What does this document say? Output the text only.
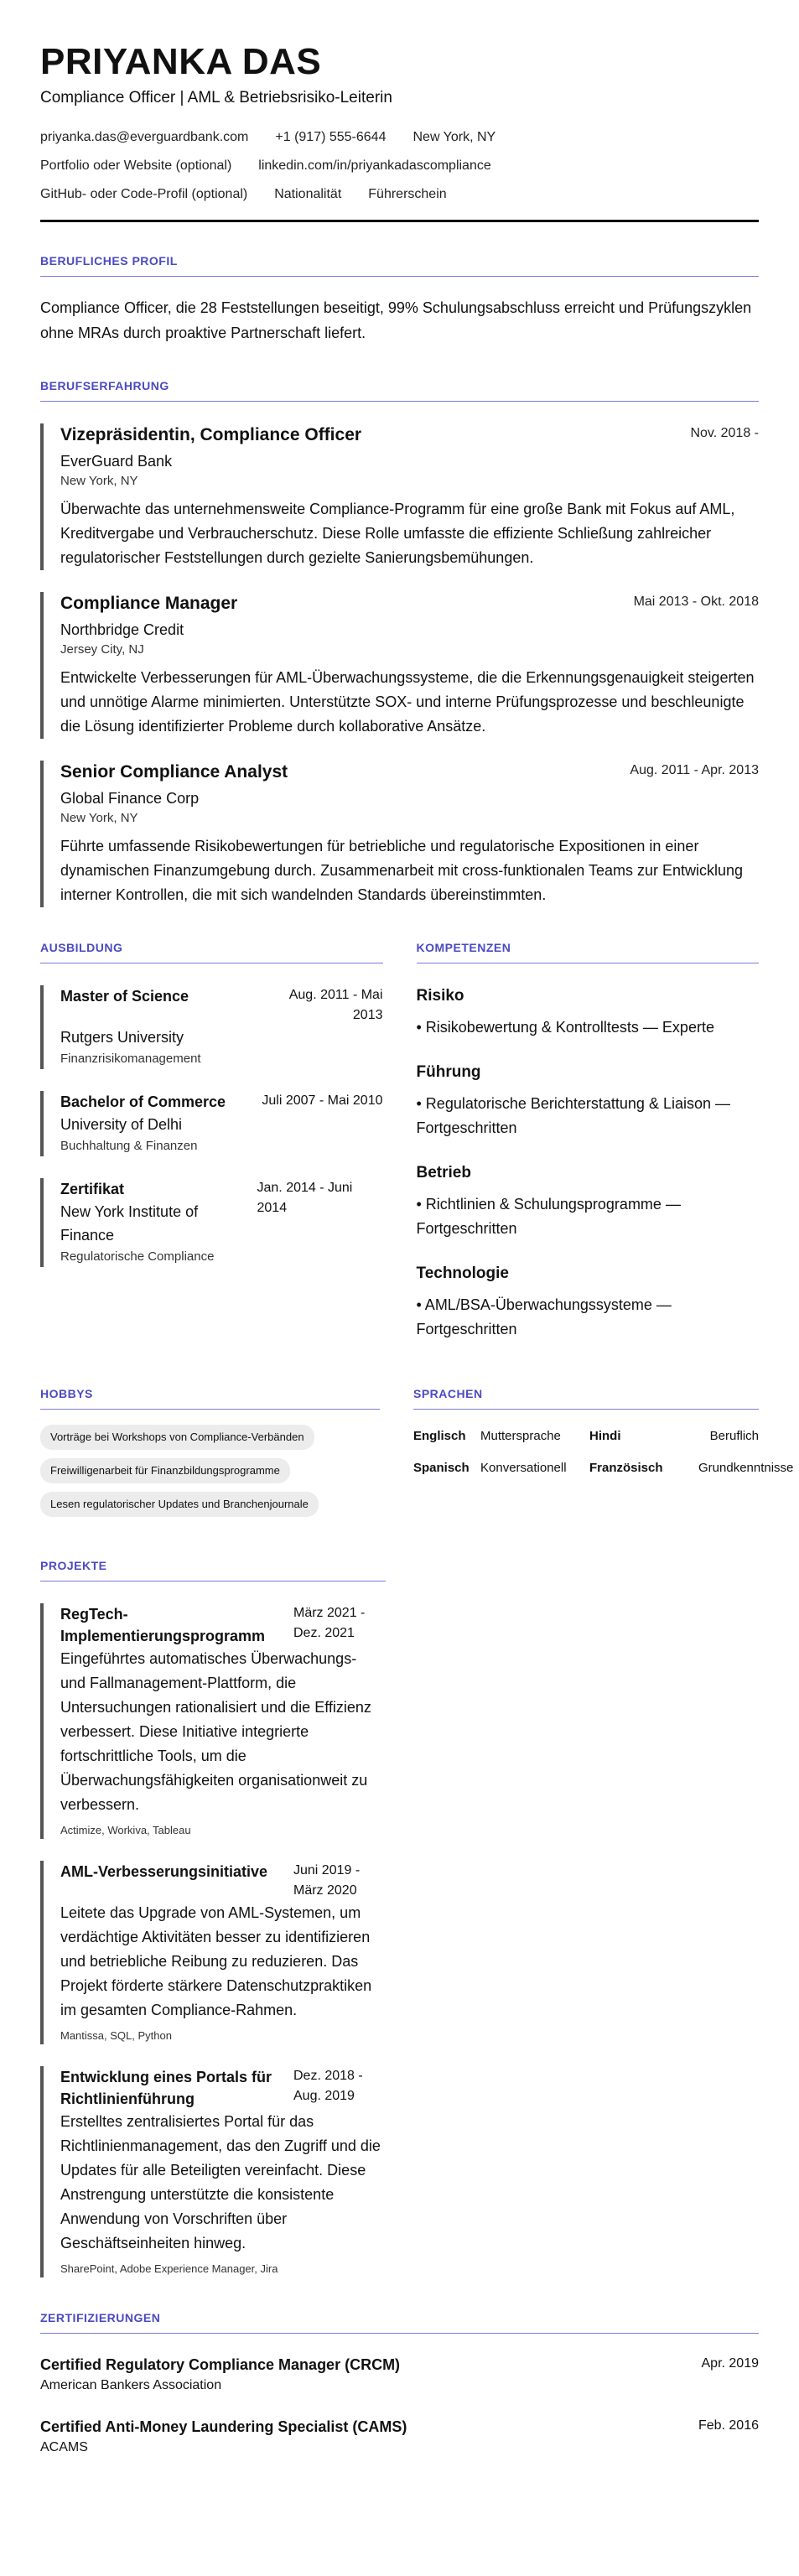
PRIYANKA DAS
Compliance Officer | AML & Betriebsrisiko-Leiterin
priyanka.das@everguardbank.com +1 (917) 555-6644 New York, NY
Portfolio oder Website (optional) linkedin.com/in/priyankadascompliance
GitHub- oder Code-Profil (optional) Nationalität Führerschein
BERUFLICHES PROFIL
Compliance Officer, die 28 Feststellungen beseitigt, 99% Schulungsabschluss erreicht und Prüfungszyklen ohne MRAs durch proaktive Partnerschaft liefert.
BERUFSERFAHRUNG
Vizepräsidentin, Compliance Officer	Nov. 2018 -
EverGuard Bank
New York, NY
Überwachte das unternehmensweite Compliance-Programm für eine große Bank mit Fokus auf AML, Kreditvergabe und Verbraucherschutz. Diese Rolle umfasste die effiziente Schließung zahlreicher regulatorischer Feststellungen durch gezielte Sanierungsbemühungen.
Compliance Manager	Mai 2013 - Okt. 2018
Northbridge Credit
Jersey City, NJ
Entwickelte Verbesserungen für AML-Überwachungssysteme, die die Erkennungsgenauigkeit steigerten und unnötige Alarme minimierten. Unterstützte SOX- und interne Prüfungsprozesse und beschleunigte die Lösung identifizierter Probleme durch kollaborative Ansätze.
Senior Compliance Analyst	Aug. 2011 - Apr. 2013
Global Finance Corp
New York, NY
Führte umfassende Risikobewertungen für betriebliche und regulatorische Expositionen in einer dynamischen Finanzumgebung durch. Zusammenarbeit mit cross-funktionalen Teams zur Entwicklung interner Kontrollen, die mit sich wandelnden Standards übereinstimmten.
AUSBILDUNG
Master of Science	Aug. 2011 - Mai 2013
Rutgers University
Finanzrisikomanagement
Bachelor of Commerce	Juli 2007 - Mai 2010
University of Delhi
Buchhaltung & Finanzen
Zertifikat
New York Institute of Finance
Jan. 2014 - Juni 2014
Regulatorische Compliance
KOMPETENZEN
Risiko
• Risikobewertung & Kontrolltests — Experte
Führung
• Regulatorische Berichterstattung & Liaison — Fortgeschritten
Betrieb
• Richtlinien & Schulungsprogramme — Fortgeschritten
Technologie
• AML/BSA-Überwachungssysteme — Fortgeschritten
HOBBYS
Vorträge bei Workshops von Compliance-Verbänden
Freiwilligenarbeit für Finanzbildungsprogramme
Lesen regulatorischer Updates und Branchenjournale
SPRACHEN
Englisch	Muttersprache	Hindi	Beruflich
Spanisch Konversationell	Französisch	Grundkenntnisse
PROJEKTE
RegTech-Implementierungsprogramm
März 2021 - Dez. 2021
Eingeführtes automatisches Überwachungs- und Fallmanagement-Plattform, die Untersuchungen rationalisiert und die Effizienz verbessert. Diese Initiative integrierte fortschrittliche Tools, um die Überwachungsfähigkeiten organisationweit zu verbessern.
Actimize, Workiva, Tableau
AML-Verbesserungsinitiative	Juni 2019 - März 2020
Leitete das Upgrade von AML-Systemen, um verdächtige Aktivitäten besser zu identifizieren und betriebliche Reibung zu reduzieren. Das Projekt förderte stärkere Datenschutzpraktiken im gesamten Compliance-Rahmen.
Mantissa, SQL, Python
Entwicklung eines Portals für Richtlinienführung
Dez. 2018 - Aug. 2019
Erstelltes zentralisiertes Portal für das Richtlinienmanagement, das den Zugriff und die Updates für alle Beteiligten vereinfacht. Diese Anstrengung unterstützte die konsistente Anwendung von Vorschriften über Geschäftseinheiten hinweg.
SharePoint, Adobe Experience Manager, Jira
ZERTIFIZIERUNGEN
Certified Regulatory Compliance Manager (CRCM)
American Bankers Association
Apr. 2019
Certified Anti-Money Laundering Specialist (CAMS)
ACAMS
Feb. 2016
